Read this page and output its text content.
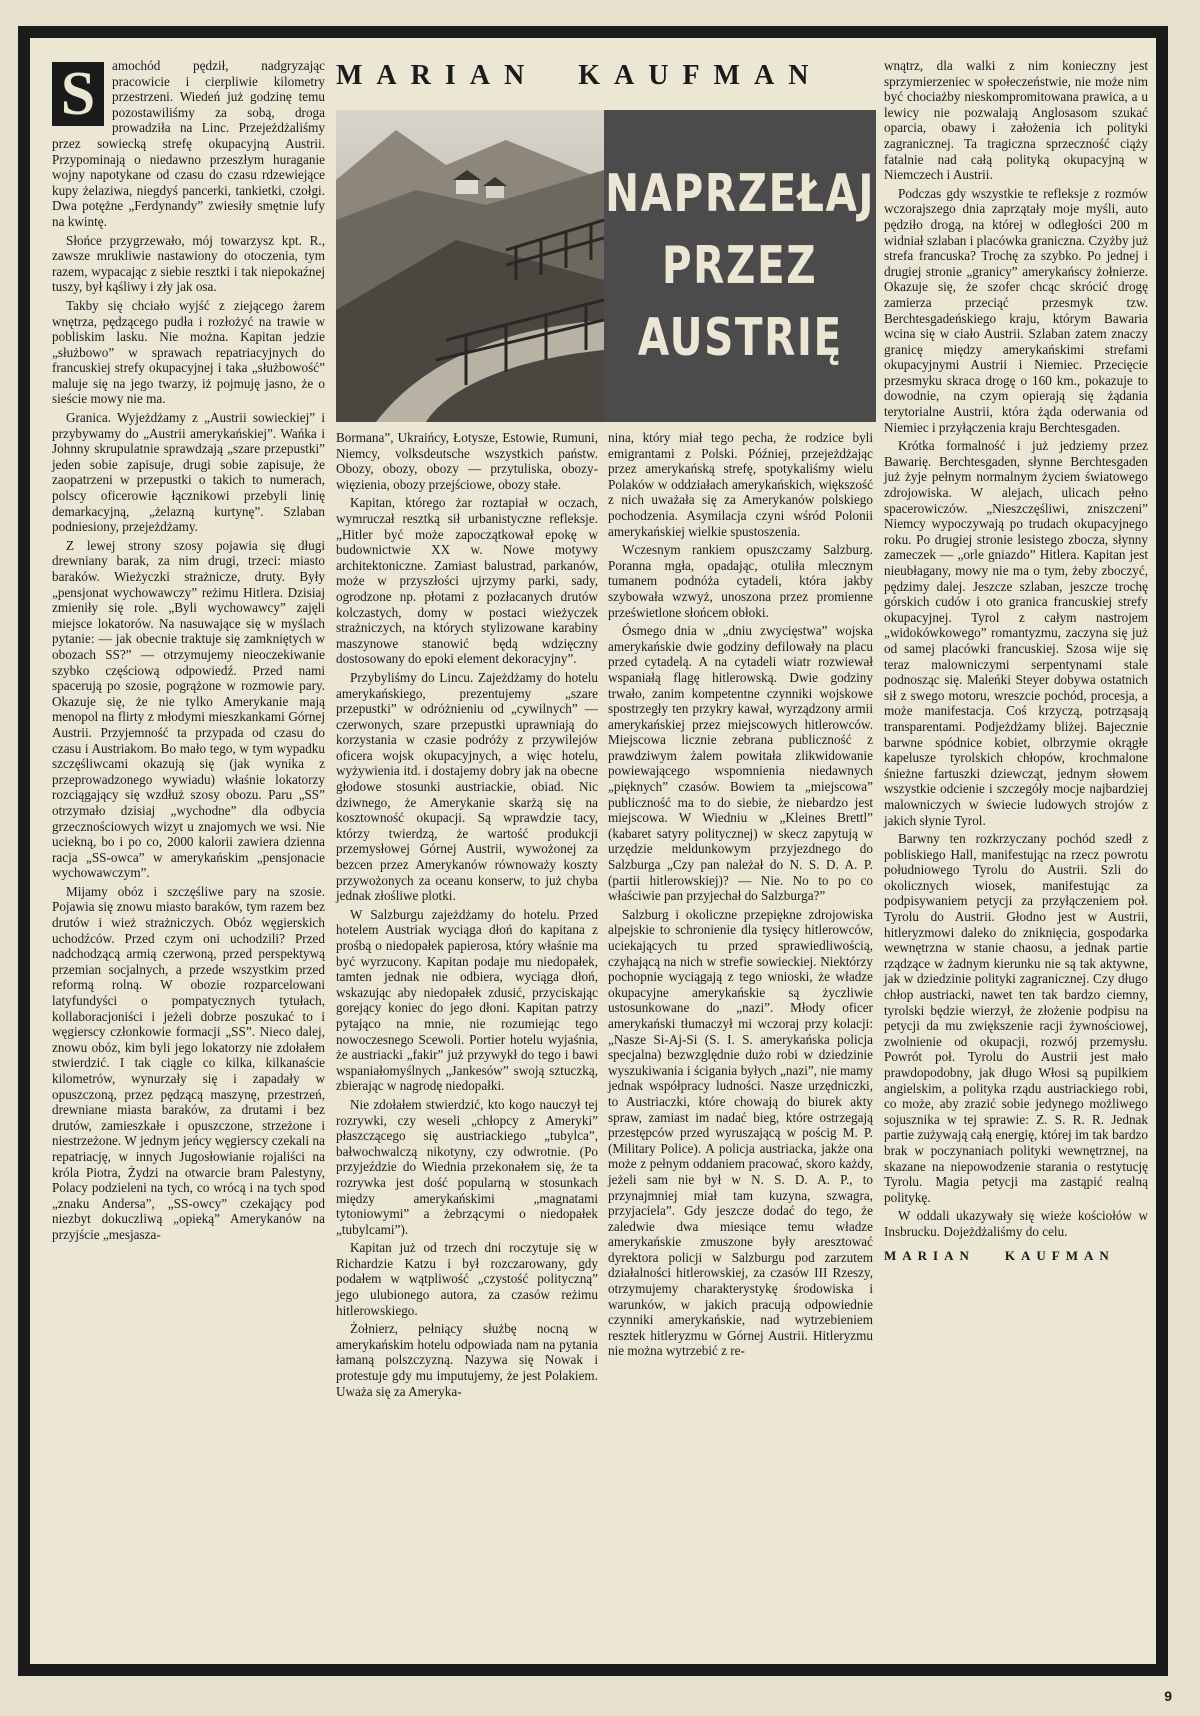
S	amochód pędził, nadgryzając pracowicie i cierpliwie kilometry przestrzeni. Wiedeń już godzinę temu pozostawiliśmy za sobą, droga prowadziła na Linc. Przejeżdżaliśmy przez sowiecką strefę okupacyjną Austrii. Przypominają o niedawno przeszłym huraganie wojny napotykane od czasu do czasu rdzewiejące kupy żelaziwa, niegdyś pancerki, tankietki, czołgi. Dwa potężne „Ferdynandy” zwiesiły smętnie lufy na kwintę.

Słońce przygrzewało, mój towarzysz kpt. R., zawsze mrukliwie nastawiony do otoczenia, tym razem, wypacając z siebie resztki i tak niepokaźnej tuszy, był kąśliwy i zły jak osa.

Takby się chciało wyjść z ziejącego żarem wnętrza, pędzącego pudła i rozłożyć na trawie w pobliskim lasku. Nie można. Kapitan jedzie „służbowo” w sprawach repatriacyjnych do francuskiej strefy okupacyjnej i taka „służbowość” maluje się na jego twarzy, iż pojmuję jasno, że o sieście mowy nie ma.

Granica. Wyjeżdżamy z „Austrii sowieckiej” i przybywamy do „Austrii amerykańskiej”. Wańka i Johnny skrupulatnie sprawdzają „szare przepustki” jeden sobie zapisuje, drugi sobie zapisuje, że zaopatrzeni w przepustki o takich to numerach, polscy oficerowie łącznikowi przebyli linię demarkacyjną, „żelazną kurtynę”. Szlaban podniesiony, przejeżdżamy.

Z lewej strony szosy pojawia się długi drewniany barak, za nim drugi, trzeci: miasto baraków. Wieżyczki strażnicze, druty. Były „pensjonat wychowawczy” reżimu Hitlera. Dzisiaj zmieniły się role. „Byli wychowawcy” zajęli miejsce lokatorów. Na nasuwające się w myślach pytanie: — jak obecnie traktuje się zamkniętych w obozach SS?” — otrzymujemy nieoczekiwanie szybko częściową odpowiedź. Przed nami spacerują po szosie, pogrążone w rozmowie pary. Okazuje się, że nie tylko Amerykanie mają menopol na flirty z młodymi mieszkankami Górnej Austrii. Przyjemność ta przypada od czasu do czasu i Austriakom. Bo mało tego, w tym wypadku szczęśliwcami okazują się (jak wynika z przeprowadzonego wywiadu) właśnie lokatorzy rozciągający się wzdłuż szosy obozu. Paru „SS” otrzymało dzisiaj „wychodne” dla odbycia grzecznościowych wizyt u znajomych we wsi. Nie uciekną, bo i po co, 2000 kalorii zawiera dzienna racja „SS-owca” w amerykańskim „pensjonacie wychowawczym”.

Mijamy obóz i szczęśliwe pary na szosie. Pojawia się znowu miasto baraków, tym razem bez drutów i wież strażniczych. Obóz węgierskich uchodźców. Przed czym oni uchodzili? Przed nadchodzącą armią czerwoną, przed perspektywą przemian socjalnych, a przede wszystkim przed reformą rolną. W obozie rozparcelowani latyfundyści o pompatycznych tytułach, kollaboracjoniści i jeżeli dobrze poszukać to i węgierscy członkowie formacji „SS”. Nieco dalej, znowu obóz, kim byli jego lokatorzy nie zdołałem stwierdzić. I tak ciągle co kilka, kilkanaście kilometrów, wynurzały się i zapadały w opuszczoną, przez pędzącą maszynę, przestrzeń, drewniane miasta baraków, za drutami i bez drutów, zamieszkałe i opuszczone, strzeżone i niestrzeżone. W jednym jeńcy węgierscy czekali na repatriację, w innych Jugosłowianie rojaliści na króla Piotra, Żydzi na otwarcie bram Palestyny, Polacy podzieleni na tych, co wrócą i na tych spod „znaku Andersa”, „SS-owcy” czekający pod niezbyt dokuczliwą „opieką” Amerykanów na przyjście „mesjasza-

MARIAN KAUFMAN
NAPRZEŁAJ
PRZEZ
AUSTRIĘ

Bormana”, Ukraińcy, Łotysze, Estowie, Rumuni, Niemcy, volksdeutsche wszystkich państw. Obozy, obozy, obozy — przytuliska, obozy-więzienia, obozy przejściowe, obozy stałe.

Kapitan, którego żar roztapiał w oczach, wymruczał resztką sił urbanistyczne refleksje. „Hitler być może zapoczątkował epokę w budownictwie XX w. Nowe motywy architektoniczne. Zamiast balustrad, parkanów, może w przyszłości ujrzymy parki, sady, ogrodzone np. płotami z pozłacanych drutów kolczastych, domy w postaci wieżyczek strażniczych, na których stylizowane karabiny maszynowe stanowić będą wdzięczny dostosowany do epoki element dekoracyjny”.

Przybyliśmy do Lincu. Zajeżdżamy do hotelu amerykańskiego, prezentujemy „szare przepustki” w odróżnieniu od „cywilnych” — czerwonych, szare przepustki uprawniają do korzystania w czasie podróży z przywilejów oficera wojsk okupacyjnych, a więc hotelu, wyżywienia itd. i dostajemy dobry jak na obecne głodowe stosunki austriackie, obiad. Nic dziwnego, że Amerykanie skarżą się na kosztowność okupacji. Są wprawdzie tacy, którzy twierdzą, że wartość produkcji przemysłowej Górnej Austrii, wywożonej za bezcen przez Amerykanów równoważy koszty przywożonych za oceanu konserw, to już chyba jednak złośliwe plotki.

W Salzburgu zajeżdżamy do hotelu. Przed hotelem Austriak wyciąga dłoń do kapitana z prośbą o niedopałek papierosa, który właśnie ma być wyrzucony. Kapitan podaje mu niedopałek, tamten jednak nie odbiera, wyciąga dłoń, wskazując aby niedopałek zdusić, przyciskając gorejący koniec do jego dłoni. Kapitan patrzy pytająco na mnie, nie rozumiejąc tego nowoczesnego Scewoli. Portier hotelu wyjaśnia, że austriacki „fakir” już przywykł do tego i bawi wspaniałomyślnych „Jankesów” swoją sztuczką, zbierając w nagrodę niedopałki.

Nie zdołałem stwierdzić, kto kogo nauczył tej rozrywki, czy weseli „chłopcy z Ameryki” płaszczącego się austriackiego „tubylca”, bałwochwalczą nikotyny, czy odwrotnie. (Po przyjeździe do Wiednia przekonałem się, że ta rozrywka jest dość popularną w stosunkach między amerykańskimi „magnatami tytoniowymi” a żebrzącymi o niedopałek „tubylcami”).

Kapitan już od trzech dni roczytuje się w Richardzie Katzu i był rozczarowany, gdy podałem w wątpliwość „czystość polityczną” jego ulubionego autora, za czasów reżimu hitlerowskiego.

Żołnierz, pełniący służbę nocną w amerykańskim hotelu odpowiada nam na pytania łamaną polszczyzną. Nazywa się Nowak i protestuje gdy mu imputujemy, że jest Polakiem. Uważa się za Ameryka-

nina, który miał tego pecha, że rodzice byli emigrantami z Polski. Później, przejeżdżając przez amerykańską strefę, spotykaliśmy wielu Polaków w oddziałach amerykańskich, większość z nich uważała się za Amerykanów polskiego pochodzenia. Asymilacja czyni wśród Polonii amerykańskiej wielkie spustoszenia.

Wczesnym rankiem opuszczamy Salzburg. Poranna mgła, opadając, otuliła mlecznym tumanem podnóża cytadeli, która jakby szybowała wzwyż, unoszona przez promienne prześwietlone słońcem obłoki.

Ósmego dnia w „dniu zwycięstwa” wojska amerykańskie dwie godziny defilowały na placu przed cytadelą. A na cytadeli wiatr rozwiewał wspaniałą flagę hitlerowską. Dwie godziny trwało, zanim kompetentne czynniki wojskowe spostrzegły ten przykry kawał, wyrządzony armii amerykańskiej przez miejscowych hitlerowców. Miejscowa licznie zebrana publiczność z prawdziwym żalem powitała zlikwidowanie powiewającego wspomnienia niedawnych „pięknych” czasów. Bowiem ta „miejscowa” publiczność ma to do siebie, że niebardzo jest miejscowa. W Wiedniu w „Kleines Brettl” (kabaret satyry politycznej) w skecz zapytują w urzędzie meldunkowym przyjezdnego do Salzburga „Czy pan należał do N. S. D. A. P. (partii hitlerowskiej)? — Nie. No to po co właściwie pan przyjechał do Salzburga?”

Salzburg i okoliczne przepiękne zdrojowiska alpejskie to schronienie dla tysięcy hitlerowców, uciekających tu przed sprawiedliwością, czyhającą na nich w strefie sowieckiej. Niektórzy pochopnie wyciągają z tego wnioski, że władze okupacyjne amerykańskie są życzliwie ustosunkowane do „nazi”. Młody oficer amerykański tłumaczył mi wczoraj przy kolacji: „Nasze Si-Aj-Si (S. I. S. amerykańska policja specjalna) bezwzględnie dużo robi w dziedzinie wyszukiwania i ścigania byłych „nazi”, nie mamy jednak współpracy ludności. Nasze urzędniczki, to Austriaczki, które chowają do biurek akty spraw, zamiast im nadać bieg, które ostrzegają przestępców przed wyruszającą w pościg M. P. (Military Police). A policja austriacka, jakże ona może z pełnym oddaniem pracować, skoro każdy, jeżeli sam nie był w N. S. D. A. P., to przynajmniej miał tam kuzyna, szwagra, przyjaciela”. Gdy jeszcze dodać do tego, że zaledwie dwa miesiące temu władze amerykańskie zmuszone były aresztować dyrektora policji w Salzburgu pod zarzutem działalności hitlerowskiej, za czasów III Rzeszy, otrzymujemy charakterystykę środowiska i warunków, w jakich pracują odpowiednie czynniki amerykańskie, nad wytrzebieniem resztek hitleryzmu w Górnej Austrii. Hitleryzmu nie można wytrzebić z re-

wnątrz, dla walki z nim konieczny jest sprzymierzeniec w społeczeństwie, nie może nim być chociażby nieskompromitowana prawica, a u lewicy nie pozwalają Anglosasom szukać oparcia, obawy i założenia ich polityki zagranicznej. Ta tragiczna sprzeczność ciąży fatalnie nad całą polityką okupacyjną w Niemczech i Austrii.

Podczas gdy wszystkie te refleksje z rozmów wczorajszego dnia zaprzątały moje myśli, auto pędziło drogą, na której w odległości 200 m widniał szlaban i placówka graniczna. Czyżby już strefa francuska? Trochę za szybko. Po jednej i drugiej stronie „granicy” amerykańscy żołnierze. Okazuje się, że szofer chcąc skrócić drogę zamierza przeciąć przesmyk tzw. Berchtesgadeńskiego kraju, którym Bawaria wcina się w ciało Austrii. Szlaban zatem znaczy granicę między amerykańskimi strefami okupacyjnymi Austrii i Niemiec. Przecięcie przesmyku skraca drogę o 160 km., pokazuje to dowodnie, na czym opierają się żądania terytorialne Austrii, która żąda oderwania od Niemiec i przyłączenia kraju Berchtesgaden.

Krótka formalność i już jedziemy przez Bawarię. Berchtesgaden, słynne Berchtesgaden już żyje pełnym normalnym życiem światowego zdrojowiska. W alejach, ulicach pełno spacerowiczów. „Nieszczęśliwi, zniszczeni” Niemcy wypoczywają po trudach okupacyjnego roku. Po drugiej stronie lesistego zbocza, słynny zameczek — „orle gniazdo” Hitlera. Kapitan jest nieubłagany, mowy nie ma o tym, żeby zboczyć, pędzimy dalej. Jeszcze szlaban, jeszcze trochę górskich cudów i oto granica francuskiej strefy okupacyjnej. Tyrol z całym nastrojem „widokówkowego” romantyzmu, zaczyna się już od samej placówki francuskiej. Szosa wije się teraz malowniczymi serpentynami stale podnosząc się. Maleńki Steyer dobywa ostatnich sił z swego motoru, wreszcie pochód, procesja, a może manifestacja. Coś krzyczą, potrząsają transparentami. Podjeżdżamy bliżej. Bajecznie barwne spódnice kobiet, olbrzymie okrągłe kapelusze tyrolskich chłopów, krochmalone śnieżne fartuszki dziewcząt, jednym słowem wszystkie odcienie i szczegóły mocje najbardziej malowniczych w świecie ludowych strojów z jakich słynie Tyrol.

Barwny ten rozkrzyczany pochód szedł z pobliskiego Hall, manifestując na rzecz powrotu południowego Tyrolu do Austrii. Szli do okolicznych wiosek, manifestując za podpisywaniem petycji za przyłączeniem poł. Tyrolu do Austrii. Głodno jest w Austrii, hitleryzmowi daleko do zniknięcia, gospodarka wewnętrzna w stanie chaosu, a jednak partie rządzące w żadnym kierunku nie są tak aktywne, jak w dziedzinie polityki zagranicznej. Czy długo chłop austriacki, nawet ten tak bardzo ciemny, tyrolski będzie wierzył, że złożenie podpisu na petycji da mu zwiększenie racji żywnościowej, zwolnienie od okupacji, rozwój przemysłu. Powrót poł. Tyrolu do Austrii jest mało prawdopodobny, jak długo Włosi są pupilkiem angielskim, a polityka rządu austriackiego robi, co może, aby zrazić sobie jedynego możliwego sojusznika w tej sprawie: Z. S. R. R. Jednak partie zużywają całą energię, której im tak bardzo brak w poczynaniach polityki wewnętrznej, na skazane na niepowodzenie starania o restytucję Tyrolu. Magia petycji ma zastąpić realną politykę.

W oddali ukazywały się wieże kościołów w Insbrucku. Dojeżdżaliśmy do celu.

MARIAN KAUFMAN
9
